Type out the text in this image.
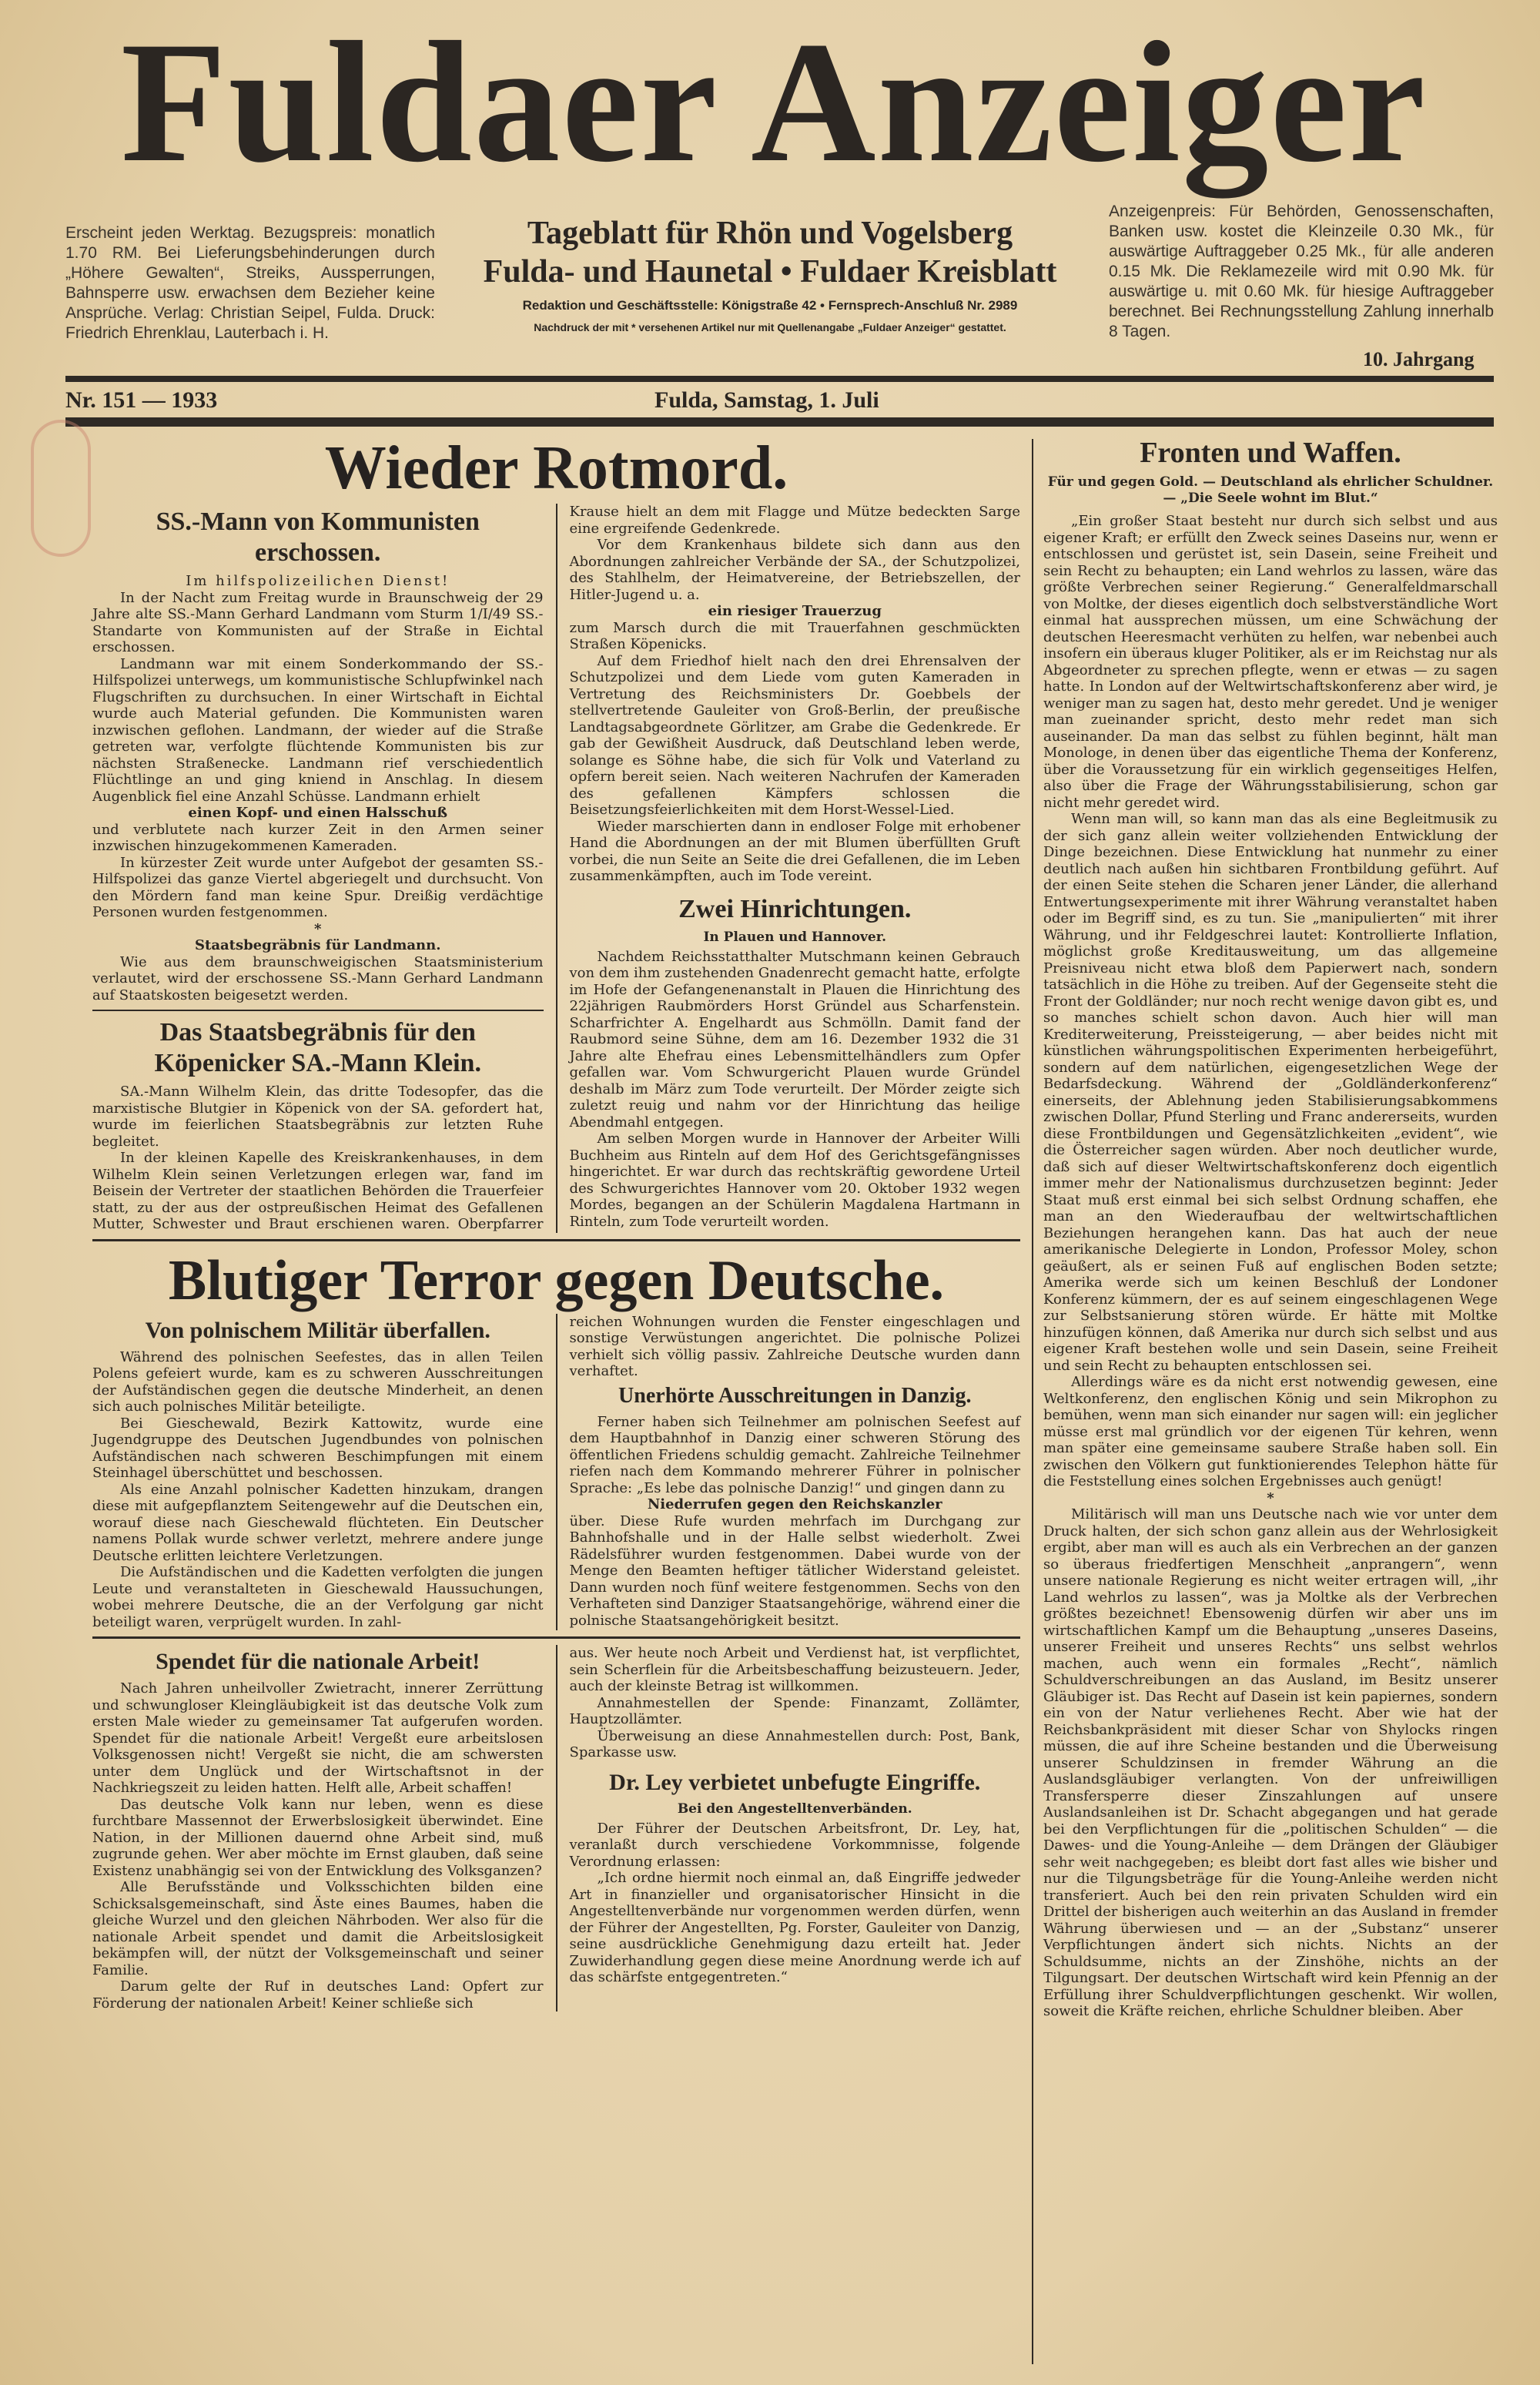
Fuldaer Anzeiger
Erscheint jeden Werktag. Bezugspreis: monatlich 1.70 RM. Bei Lieferungsbehinderungen durch „Höhere Gewalten“, Streiks, Aussperrungen, Bahnsperre usw. erwachsen dem Bezieher keine Ansprüche. Verlag: Christian Seipel, Fulda. Druck: Friedrich Ehrenklau, Lauterbach i. H.
Tageblatt für Rhön und Vogelsberg
Fulda- und Haunetal • Fuldaer Kreisblatt
Redaktion und Geschäftsstelle: Königstraße 42 • Fernsprech-Anschluß Nr. 2989
Nachdruck der mit * versehenen Artikel nur mit Quellenangabe „Fuldaer Anzeiger“ gestattet.
Anzeigenpreis: Für Behörden, Genossenschaften, Banken usw. kostet die Kleinzeile 0.30 Mk., für auswärtige Auftraggeber 0.25 Mk., für alle anderen 0.15 Mk. Die Reklamezeile wird mit 0.90 Mk. für auswärtige u. mit 0.60 Mk. für hiesige Auftraggeber berechnet. Bei Rechnungsstellung Zahlung innerhalb 8 Tagen.
10. Jahrgang
Nr. 151 — 1933	Fulda, Samstag, 1. Juli
Wieder Rotmord.
SS.-Mann von Kommunisten erschossen.

Im hilfspolizeilichen Dienst!

In der Nacht zum Freitag wurde in Braunschweig der 29 Jahre alte SS.-Mann Gerhard Landmann vom Sturm 1/I/49 SS.-Standarte von Kommunisten auf der Straße in Eichtal erschossen.

Landmann war mit einem Sonderkommando der SS.-Hilfspolizei unterwegs, um kommunistische Schlupfwinkel nach Flugschriften zu durchsuchen. In einer Wirtschaft in Eichtal wurde auch Material gefunden. Die Kommunisten waren inzwischen geflohen. Landmann, der wieder auf die Straße getreten war, verfolgte flüchtende Kommunisten bis zur nächsten Straßenecke. Landmann rief verschiedentlich Flüchtlinge an und ging kniend in Anschlag. In diesem Augenblick fiel eine Anzahl Schüsse. Landmann erhielt

einen Kopf- und einen Halsschuß

und verblutete nach kurzer Zeit in den Armen seiner inzwischen hinzugekommenen Kameraden.

In kürzester Zeit wurde unter Aufgebot der gesamten SS.-Hilfspolizei das ganze Viertel abgeriegelt und durchsucht. Von den Mördern fand man keine Spur. Dreißig verdächtige Personen wurden festgenommen.

*

Staatsbegräbnis für Landmann.

Wie aus dem braunschweigischen Staatsministerium verlautet, wird der erschossene SS.-Mann Gerhard Landmann auf Staatskosten beigesetzt werden.

Das Staatsbegräbnis für den Köpenicker SA.-Mann Klein.

SA.-Mann Wilhelm Klein, das dritte Todesopfer, das die marxistische Blutgier in Köpenick von der SA. gefordert hat, wurde im feierlichen Staatsbegräbnis zur letzten Ruhe begleitet.

In der kleinen Kapelle des Kreiskrankenhauses, in dem Wilhelm Klein seinen Verletzungen erlegen war, fand im Beisein der Vertreter der staatlichen Behörden die Trauerfeier statt, zu der aus der ostpreußischen Heimat des Gefallenen Mutter, Schwester und Braut erschienen waren. Oberpfarrer Krause hielt an dem mit Flagge und Mütze bedeckten Sarge eine ergreifende Gedenkrede.

Vor dem Krankenhaus bildete sich dann aus den Abordnungen zahlreicher Verbände der SA., der Schutzpolizei, des Stahlhelm, der Heimatvereine, der Betriebszellen, der Hitler-Jugend u. a.

ein riesiger Trauerzug

zum Marsch durch die mit Trauerfahnen geschmückten Straßen Köpenicks.

Auf dem Friedhof hielt nach den drei Ehrensalven der Schutzpolizei und dem Liede vom guten Kameraden in Vertretung des Reichsministers Dr. Goebbels der stellvertretende Gauleiter von Groß-Berlin, der preußische Landtagsabgeordnete Görlitzer, am Grabe die Gedenkrede. Er gab der Gewißheit Ausdruck, daß Deutschland leben werde, solange es Söhne habe, die sich für Volk und Vaterland zu opfern bereit seien. Nach weiteren Nachrufen der Kameraden des gefallenen Kämpfers schlossen die Beisetzungsfeierlichkeiten mit dem Horst-Wessel-Lied.

Wieder marschierten dann in endloser Folge mit erhobener Hand die Abordnungen an der mit Blumen überfüllten Gruft vorbei, die nun Seite an Seite die drei Gefallenen, die im Leben zusammenkämpften, auch im Tode vereint.

Zwei Hinrichtungen.
In Plauen und Hannover.

Nachdem Reichsstatthalter Mutschmann keinen Gebrauch von dem ihm zustehenden Gnadenrecht gemacht hatte, erfolgte im Hofe der Gefangenenanstalt in Plauen die Hinrichtung des 22jährigen Raubmörders Horst Gründel aus Scharfenstein. Scharfrichter A. Engelhardt aus Schmölln. Damit fand der Raubmord seine Sühne, dem am 16. Dezember 1932 die 31 Jahre alte Ehefrau eines Lebensmittelhändlers zum Opfer gefallen war. Vom Schwurgericht Plauen wurde Gründel deshalb im März zum Tode verurteilt. Der Mörder zeigte sich zuletzt reuig und nahm vor der Hinrichtung das heilige Abendmahl entgegen.

Am selben Morgen wurde in Hannover der Arbeiter Willi Buchheim aus Rinteln auf dem Hof des Gerichtsgefängnisses hingerichtet. Er war durch das rechtskräftig gewordene Urteil des Schwurgerichtes Hannover vom 20. Oktober 1932 wegen Mordes, begangen an der Schülerin Magdalena Hartmann in Rinteln, zum Tode verurteilt worden.

Blutiger Terror gegen Deutsche.
Von polnischem Militär überfallen.

Während des polnischen Seefestes, das in allen Teilen Polens gefeiert wurde, kam es zu schweren Ausschreitungen der Aufständischen gegen die deutsche Minderheit, an denen sich auch polnisches Militär beteiligte.

Bei Gieschewald, Bezirk Kattowitz, wurde eine Jugendgruppe des Deutschen Jugendbundes von polnischen Aufständischen nach schweren Beschimpfungen mit einem Steinhagel überschüttet und beschossen.

Als eine Anzahl polnischer Kadetten hinzukam, drangen diese mit aufgepflanztem Seitengewehr auf die Deutschen ein, worauf diese nach Gieschewald flüchteten. Ein Deutscher namens Pollak wurde schwer verletzt, mehrere andere junge Deutsche erlitten leichtere Verletzungen.

Die Aufständischen und die Kadetten verfolgten die jungen Leute und veranstalteten in Gieschewald Haussuchungen, wobei mehrere Deutsche, die an der Verfolgung gar nicht beteiligt waren, verprügelt wurden. In zahl-

reichen Wohnungen wurden die Fenster eingeschlagen und sonstige Verwüstungen angerichtet. Die polnische Polizei verhielt sich völlig passiv. Zahlreiche Deutsche wurden dann verhaftet.

Unerhörte Ausschreitungen in Danzig.

Ferner haben sich Teilnehmer am polnischen Seefest auf dem Hauptbahnhof in Danzig einer schweren Störung des öffentlichen Friedens schuldig gemacht. Zahlreiche Teilnehmer riefen nach dem Kommando mehrerer Führer in polnischer Sprache: „Es lebe das polnische Danzig!“ und gingen dann zu

Niederrufen gegen den Reichskanzler

über. Diese Rufe wurden mehrfach im Durchgang zur Bahnhofshalle und in der Halle selbst wiederholt. Zwei Rädelsführer wurden festgenommen. Dabei wurde von der Menge den Beamten heftiger tätlicher Widerstand geleistet. Dann wurden noch fünf weitere festgenommen. Sechs von den Verhafteten sind Danziger Staatsangehörige, während einer die polnische Staatsangehörigkeit besitzt.

Spendet für die nationale Arbeit!

Nach Jahren unheilvoller Zwietracht, innerer Zerrüttung und schwungloser Kleingläubigkeit ist das deutsche Volk zum ersten Male wieder zu gemeinsamer Tat aufgerufen worden. Spendet für die nationale Arbeit! Vergeßt eure arbeitslosen Volksgenossen nicht! Vergeßt sie nicht, die am schwersten unter dem Unglück und der Wirtschaftsnot in der Nachkriegszeit zu leiden hatten. Helft alle, Arbeit schaffen!

Das deutsche Volk kann nur leben, wenn es diese furchtbare Massennot der Erwerbslosigkeit überwindet. Eine Nation, in der Millionen dauernd ohne Arbeit sind, muß zugrunde gehen. Wer aber möchte im Ernst glauben, daß seine Existenz unabhängig sei von der Entwicklung des Volksganzen?

Alle Berufsstände und Volksschichten bilden eine Schicksalsgemeinschaft, sind Äste eines Baumes, haben die gleiche Wurzel und den gleichen Nährboden. Wer also für die nationale Arbeit spendet und damit die Arbeitslosigkeit bekämpfen will, der nützt der Volksgemeinschaft und seiner Familie.

Darum gelte der Ruf in deutsches Land: Opfert zur Förderung der nationalen Arbeit! Keiner schließe sich

aus. Wer heute noch Arbeit und Verdienst hat, ist verpflichtet, sein Scherflein für die Arbeitsbeschaffung beizusteuern. Jeder, auch der kleinste Betrag ist willkommen.

Annahmestellen der Spende: Finanzamt, Zollämter, Hauptzollämter.

Überweisung an diese Annahmestellen durch: Post, Bank, Sparkasse usw.

Dr. Ley verbietet unbefugte Eingriffe.
Bei den Angestelltenverbänden.

Der Führer der Deutschen Arbeitsfront, Dr. Ley, hat, veranlaßt durch verschiedene Vorkommnisse, folgende Verordnung erlassen:

„Ich ordne hiermit noch einmal an, daß Eingriffe jedweder Art in finanzieller und organisatorischer Hinsicht in die Angestelltenverbände nur vorgenommen werden dürfen, wenn der Führer der Angestellten, Pg. Forster, Gauleiter von Danzig, seine ausdrückliche Genehmigung dazu erteilt hat. Jeder Zuwiderhandlung gegen diese meine Anordnung werde ich auf das schärfste entgegentreten.“

Fronten und Waffen.
Für und gegen Gold. — Deutschland als ehrlicher Schuldner. — „Die Seele wohnt im Blut.“

„Ein großer Staat besteht nur durch sich selbst und aus eigener Kraft; er erfüllt den Zweck seines Daseins nur, wenn er entschlossen und gerüstet ist, sein Dasein, seine Freiheit und sein Recht zu behaupten; ein Land wehrlos zu lassen, wäre das größte Verbrechen seiner Regierung.“ Generalfeldmarschall von Moltke, der dieses eigentlich doch selbstverständliche Wort einmal hat aussprechen müssen, um eine Schwächung der deutschen Heeresmacht verhüten zu helfen, war nebenbei auch insofern ein überaus kluger Politiker, als er im Reichstag nur als Abgeordneter zu sprechen pflegte, wenn er etwas — zu sagen hatte. In London auf der Weltwirtschaftskonferenz aber wird, je weniger man zu sagen hat, desto mehr geredet. Und je weniger man zueinander spricht, desto mehr redet man sich auseinander. Da man das selbst zu fühlen beginnt, hält man Monologe, in denen über das eigentliche Thema der Konferenz, über die Voraussetzung für ein wirklich gegenseitiges Helfen, also über die Frage der Währungsstabilisierung, schon gar nicht mehr geredet wird.

Wenn man will, so kann man das als eine Begleitmusik zu der sich ganz allein weiter vollziehenden Entwicklung der Dinge bezeichnen. Diese Entwicklung hat nunmehr zu einer deutlich nach außen hin sichtbaren Frontbildung geführt. Auf der einen Seite stehen die Scharen jener Länder, die allerhand Entwertungsexperimente mit ihrer Währung veranstaltet haben oder im Begriff sind, es zu tun. Sie „manipulierten“ mit ihrer Währung, und ihr Feldgeschrei lautet: Kontrollierte Inflation, möglichst große Kreditausweitung, um das allgemeine Preisniveau nicht etwa bloß dem Papierwert nach, sondern tatsächlich in die Höhe zu treiben. Auf der Gegenseite steht die Front der Goldländer; nur noch recht wenige davon gibt es, und so manches schielt schon davon. Auch hier will man Krediterweiterung, Preissteigerung, — aber beides nicht mit künstlichen währungspolitischen Experimenten herbeigeführt, sondern auf dem natürlichen, eigengesetzlichen Wege der Bedarfsdeckung. Während der „Goldländerkonferenz“ einerseits, der Ablehnung jeden Stabilisierungsabkommens zwischen Dollar, Pfund Sterling und Franc andererseits, wurden diese Frontbildungen und Gegensätzlichkeiten „evident“, wie die Österreicher sagen würden. Aber noch deutlicher wurde, daß sich auf dieser Weltwirtschaftskonferenz doch eigentlich immer mehr der Nationalismus durchzusetzen beginnt: Jeder Staat muß erst einmal bei sich selbst Ordnung schaffen, ehe man an den Wiederaufbau der weltwirtschaftlichen Beziehungen herangehen kann. Das hat auch der neue amerikanische Delegierte in London, Professor Moley, schon geäußert, als er seinen Fuß auf englischen Boden setzte; Amerika werde sich um keinen Beschluß der Londoner Konferenz kümmern, der es auf seinem eingeschlagenen Wege zur Selbstsanierung stören würde. Er hätte mit Moltke hinzufügen können, daß Amerika nur durch sich selbst und aus eigener Kraft bestehen wolle und sein Dasein, seine Freiheit und sein Recht zu behaupten entschlossen sei.

Allerdings wäre es da nicht erst notwendig gewesen, eine Weltkonferenz, den englischen König und sein Mikrophon zu bemühen, wenn man sich einander nur sagen will: ein jeglicher müsse erst mal gründlich vor der eigenen Tür kehren, wenn man später eine gemeinsame saubere Straße haben soll. Ein zwischen den Völkern gut funktionierendes Telephon hätte für die Feststellung eines solchen Ergebnisses auch genügt!

*

Militärisch will man uns Deutsche nach wie vor unter dem Druck halten, der sich schon ganz allein aus der Wehrlosigkeit ergibt, aber man will es auch als ein Verbrechen an der ganzen so überaus friedfertigen Menschheit „anprangern“, wenn unsere nationale Regierung es nicht weiter ertragen will, „ihr Land wehrlos zu lassen“, was ja Moltke als der Verbrechen größtes bezeichnet! Ebensowenig dürfen wir aber uns im wirtschaftlichen Kampf um die Behauptung „unseres Daseins, unserer Freiheit und unseres Rechts“ uns selbst wehrlos machen, auch wenn ein formales „Recht“, nämlich Schuldverschreibungen an das Ausland, im Besitz unserer Gläubiger ist. Das Recht auf Dasein ist kein papiernes, sondern ein von der Natur verliehenes Recht. Aber wie hat der Reichsbankpräsident mit dieser Schar von Shylocks ringen müssen, die auf ihre Scheine bestanden und die Überweisung unserer Schuldzinsen in fremder Währung an die Auslandsgläubiger verlangten. Von der unfreiwilligen Transfersperre dieser Zinszahlungen auf unsere Auslandsanleihen ist Dr. Schacht abgegangen und hat gerade bei den Verpflichtungen für die „politischen Schulden“ — die Dawes- und die Young-Anleihe — dem Drängen der Gläubiger sehr weit nachgegeben; es bleibt dort fast alles wie bisher und nur die Tilgungsbeträge für die Young-Anleihe werden nicht transferiert. Auch bei den rein privaten Schulden wird ein Drittel der bisherigen auch weiterhin an das Ausland in fremder Währung überwiesen und — an der „Substanz“ unserer Verpflichtungen ändert sich nichts. Nichts an der Schuldsumme, nichts an der Zinshöhe, nichts an der Tilgungsart. Der deutschen Wirtschaft wird kein Pfennig an der Erfüllung ihrer Schuldverpflichtungen geschenkt. Wir wollen, soweit die Kräfte reichen, ehrliche Schuldner bleiben. Aber
